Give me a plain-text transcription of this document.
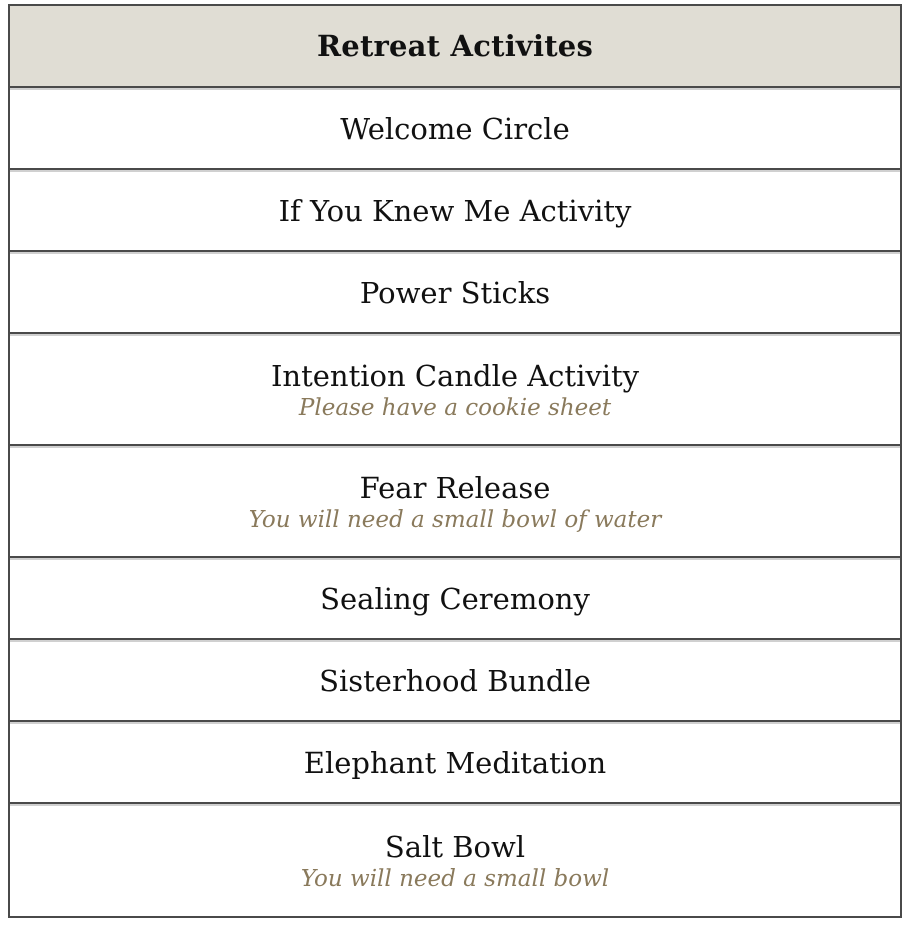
Retreat Activites
Welcome Circle
If You Knew Me Activity
Power Sticks
Intention Candle Activity
Please have a cookie sheet
Fear Release
You will need a small bowl of water
Sealing Ceremony
Sisterhood Bundle
Elephant Meditation
Salt Bowl
You will need a small bowl
